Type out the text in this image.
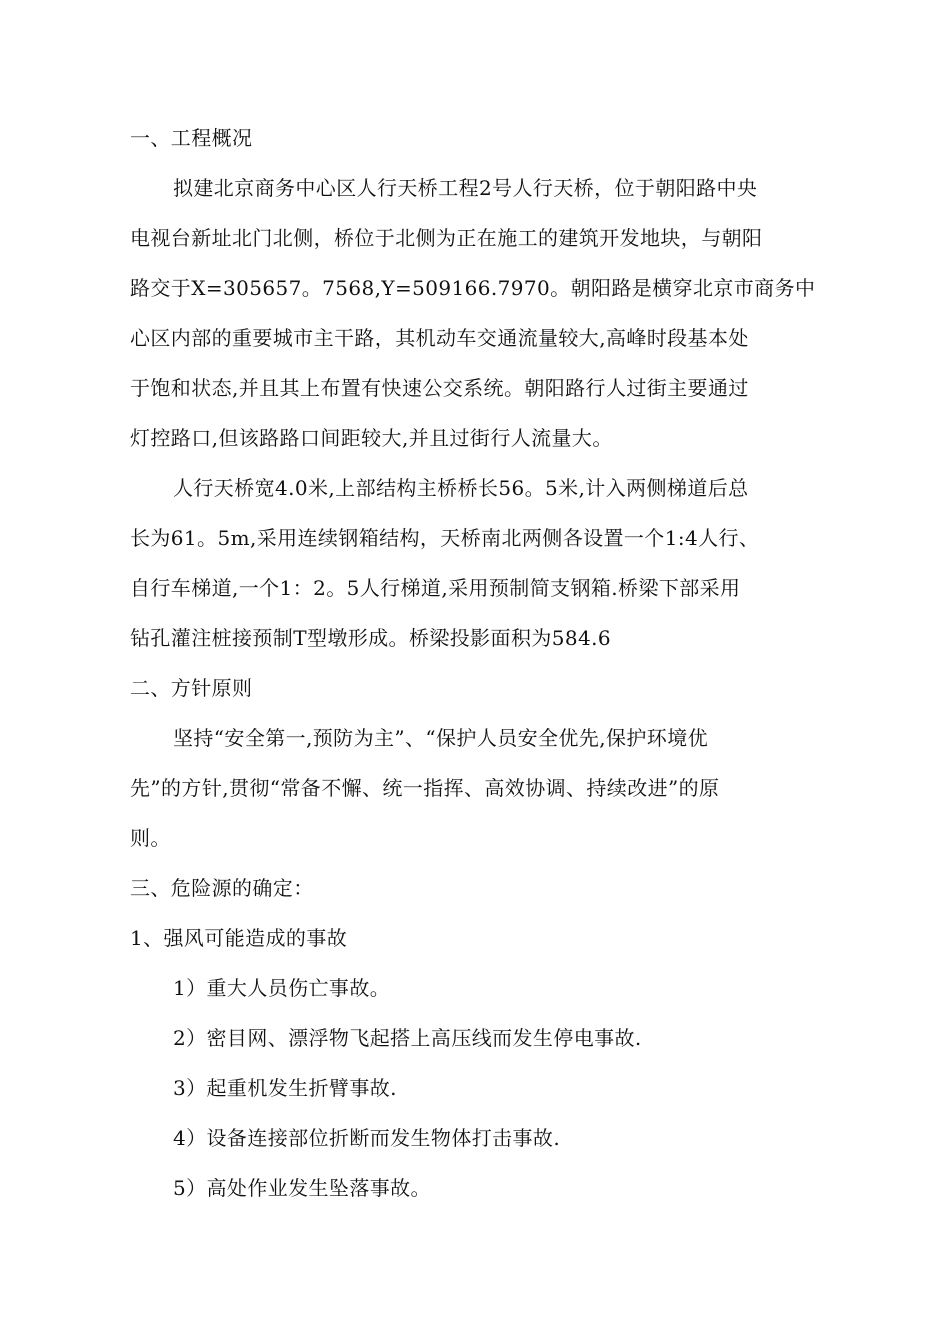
一、工程概况
拟建北京商务中心区人行天桥工程2号人行天桥，位于朝阳路中央
电视台新址北门北侧，桥位于北侧为正在施工的建筑开发地块，与朝阳
路交于X=305657。7568,Y=509166.7970。朝阳路是横穿北京市商务中
心区内部的重要城市主干路，其机动车交通流量较大,高峰时段基本处
于饱和状态,并且其上布置有快速公交系统。朝阳路行人过街主要通过
灯控路口,但该路路口间距较大,并且过街行人流量大。
人行天桥宽4.0米,上部结构主桥桥长56。5米,计入两侧梯道后总
长为61。5m,采用连续钢箱结构，天桥南北两侧各设置一个1:4人行、
自行车梯道,一个1：2。5人行梯道,采用预制简支钢箱.桥梁下部采用
钻孔灌注桩接预制T型墩形成。桥梁投影面积为584.6
二、方针原则
坚持“安全第一,预防为主”、“保护人员安全优先,保护环境优
先”的方针,贯彻“常备不懈、统一指挥、高效协调、持续改进”的原
则。
三、危险源的确定：
1、强风可能造成的事故
1）重大人员伤亡事故。
2）密目网、漂浮物飞起搭上高压线而发生停电事故.
3）起重机发生折臂事故.
4）设备连接部位折断而发生物体打击事故.
5）高处作业发生坠落事故。
